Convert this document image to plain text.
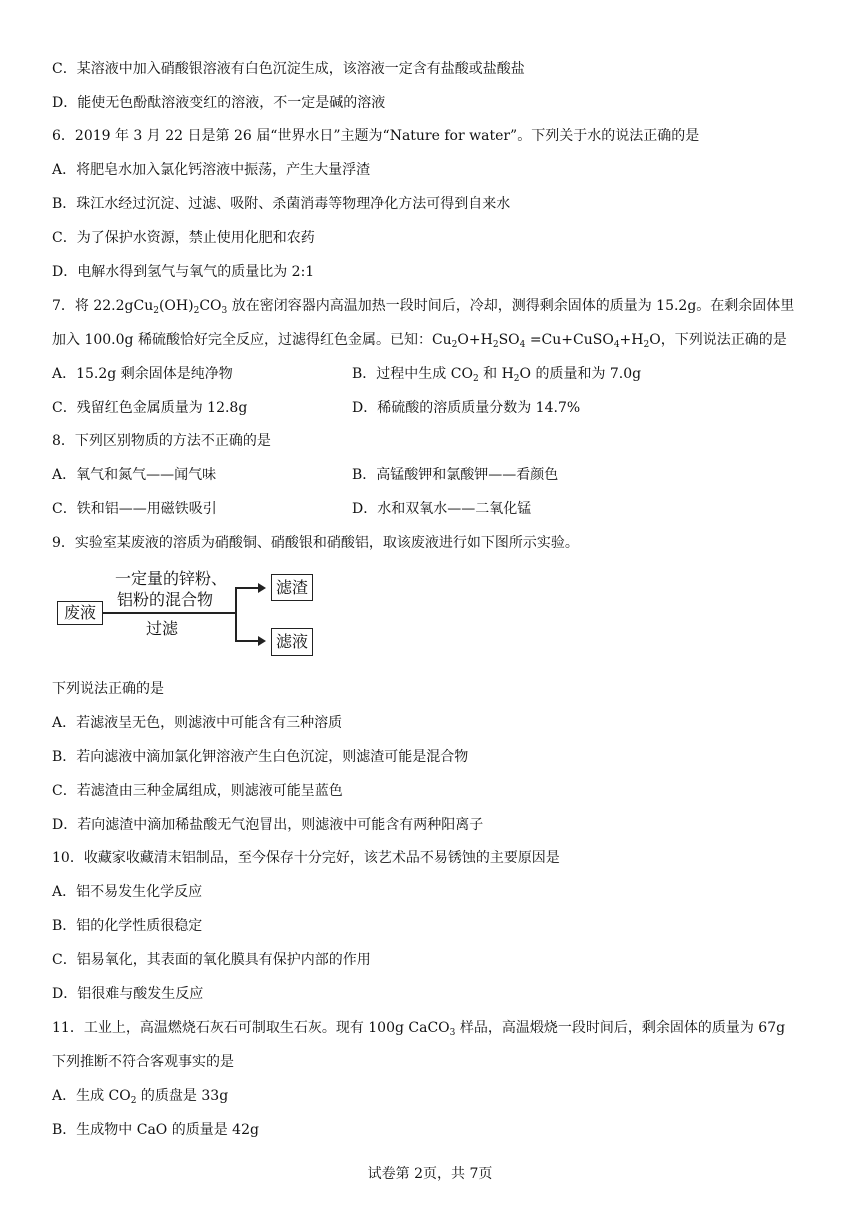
C．某溶液中加入硝酸银溶液有白色沉淀生成，该溶液一定含有盐酸或盐酸盐
D．能使无色酚酞溶液变红的溶液，不一定是碱的溶液
6．2019 年 3 月 22 日是第 26 届“世界水日”主题为“Nature for water”。下列关于水的说法正确的是
A．将肥皂水加入氯化钙溶液中振荡，产生大量浮渣
B．珠江水经过沉淀、过滤、吸附、杀菌消毒等物理净化方法可得到自来水
C．为了保护水资源，禁止使用化肥和农药
D．电解水得到氢气与氧气的质量比为 2:1
7．将 $22.2gCu_2(OH)_2CO_3$ 放在密闭容器内高温加热一段时间后，冷却，测得剩余固体的质量为 15.2g。在剩余固体里
加入 100.0g 稀硫酸恰好完全反应，过滤得红色金属。已知：$Cu_2O+H_2SO_4$ $=Cu+CuSO_4+H_2O$，下列说法正确的是
A．15.2g 剩余固体是纯净物	B．过程中生成 $CO_2$ 和 $H_2O$ 的质量和为 7.0g
C．残留红色金属质量为 12.8g	D．稀硫酸的溶质质量分数为 14.7%
8．下列区别物质的方法不正确的是
A．氧气和氮气——闻气味	B．高锰酸钾和氯酸钾——看颜色
C．铁和铝——用磁铁吸引	D．水和双氧水——二氧化锰
9．实验室某废液的溶质为硝酸铜、硝酸银和硝酸铝，取该废液进行如下图所示实验。
废液
一定量的锌粉、
铝粉的混合物
过滤
滤渣
滤液
下列说法正确的是
A．若滤液呈无色，则滤液中可能含有三种溶质
B．若向滤液中滴加氯化钾溶液产生白色沉淀，则滤渣可能是混合物
C．若滤渣由三种金属组成，则滤液可能呈蓝色
D．若向滤渣中滴加稀盐酸无气泡冒出，则滤液中可能含有两种阳离子
10．收藏家收藏清末铝制品，至今保存十分完好，该艺术品不易锈蚀的主要原因是
A．铝不易发生化学反应
B．铝的化学性质很稳定
C．铝易氧化，其表面的氧化膜具有保护内部的作用
D．铝很难与酸发生反应
11．工业上，高温燃烧石灰石可制取生石灰。现有 100g CaCO$_3$ 样品，高温煅烧一段时间后，剩余固体的质量为 67g
下列推断不符合客观事实的是
A．生成 $CO_2$ 的质盘是 33g
B．生成物中 CaO 的质量是 42g
试卷第 2页，共 7页
